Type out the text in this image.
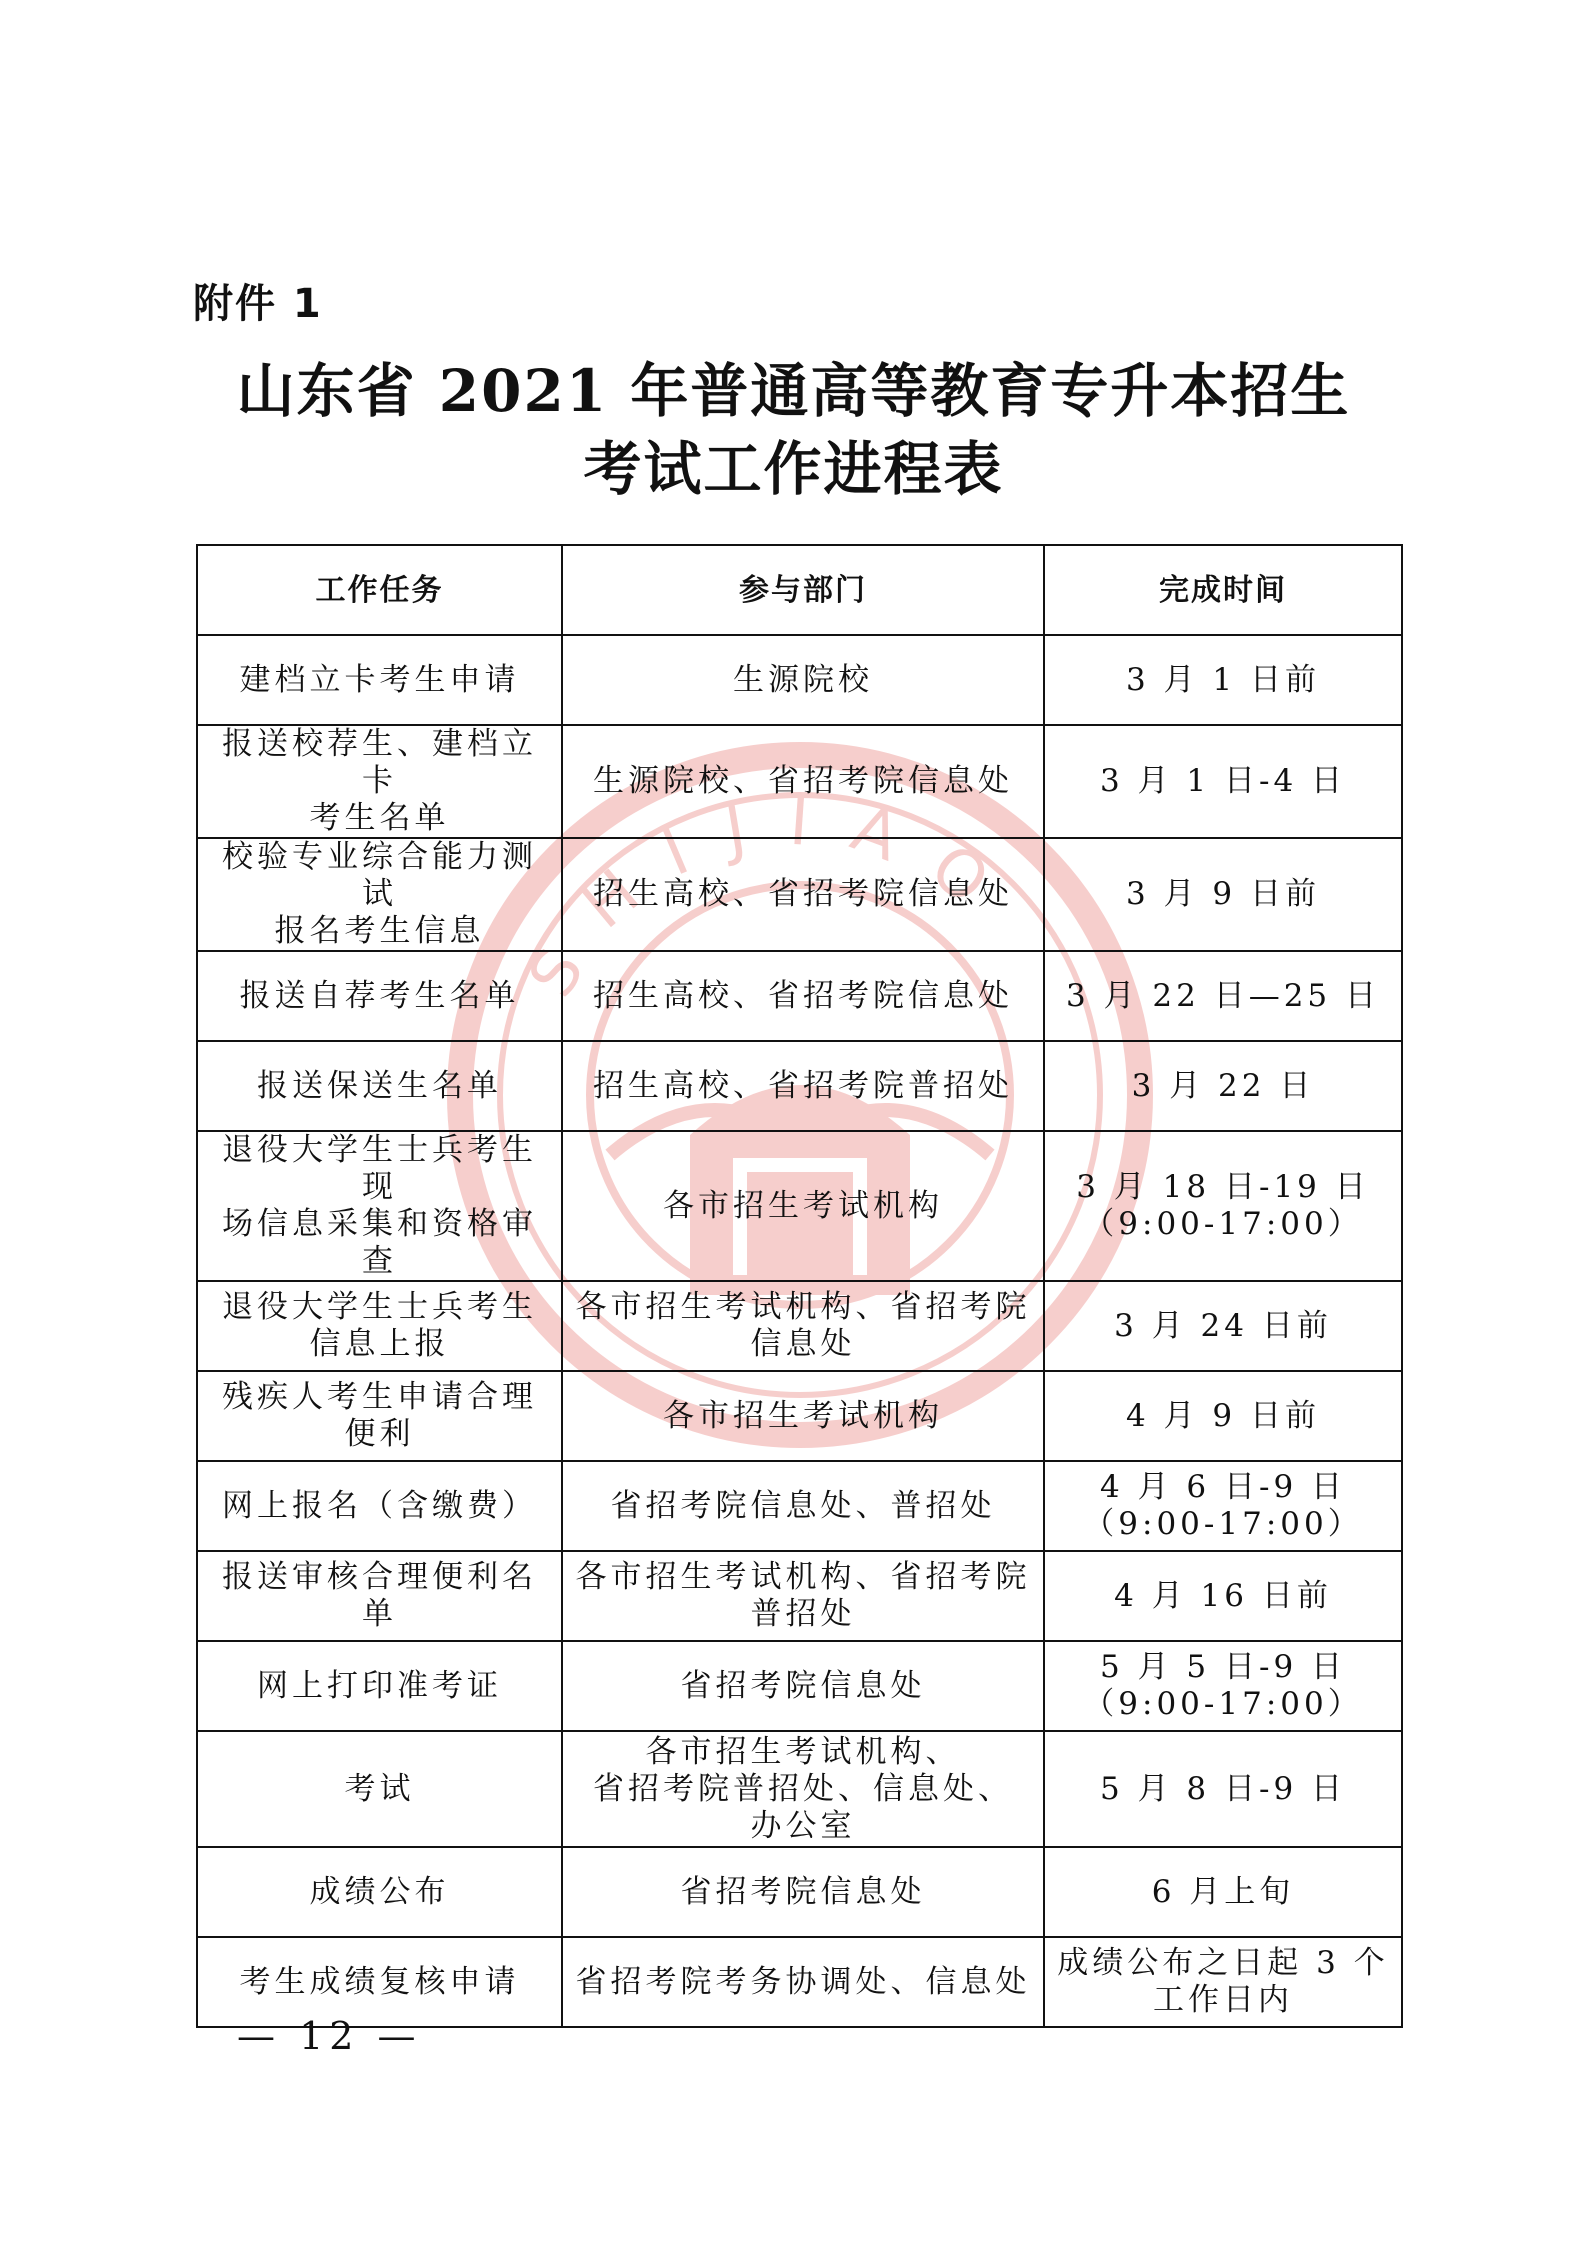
附件 1
山东省 2021 年普通高等教育专升本招生
考试工作进程表
SHIJIAO
工作任务	参与部门	完成时间
建档立卡考生申请	生源院校	3 月 1 日前
报送校荐生、建档立卡
考生名单	生源院校、省招考院信息处	3 月 1 日-4 日
校验专业综合能力测试
报名考生信息	招生高校、省招考院信息处	3 月 9 日前
报送自荐考生名单	招生高校、省招考院信息处	3 月 22 日—25 日
报送保送生名单	招生高校、省招考院普招处	3 月 22 日
退役大学生士兵考生现
场信息采集和资格审查	各市招生考试机构	3 月 18 日-19 日
（9:00-17:00）
退役大学生士兵考生
信息上报	各市招生考试机构、省招考院
信息处	3 月 24 日前
残疾人考生申请合理
便利	各市招生考试机构	4 月 9 日前
网上报名（含缴费）	省招考院信息处、普招处	4 月 6 日-9 日
（9:00-17:00）
报送审核合理便利名单	各市招生考试机构、省招考院
普招处	4 月 16 日前
网上打印准考证	省招考院信息处	5 月 5 日-9 日
（9:00-17:00）
考试	各市招生考试机构、
省招考院普招处、信息处、
办公室	5 月 8 日-9 日
成绩公布	省招考院信息处	6 月上旬
考生成绩复核申请	省招考院考务协调处、信息处	成绩公布之日起 3 个
工作日内
— 12 —
